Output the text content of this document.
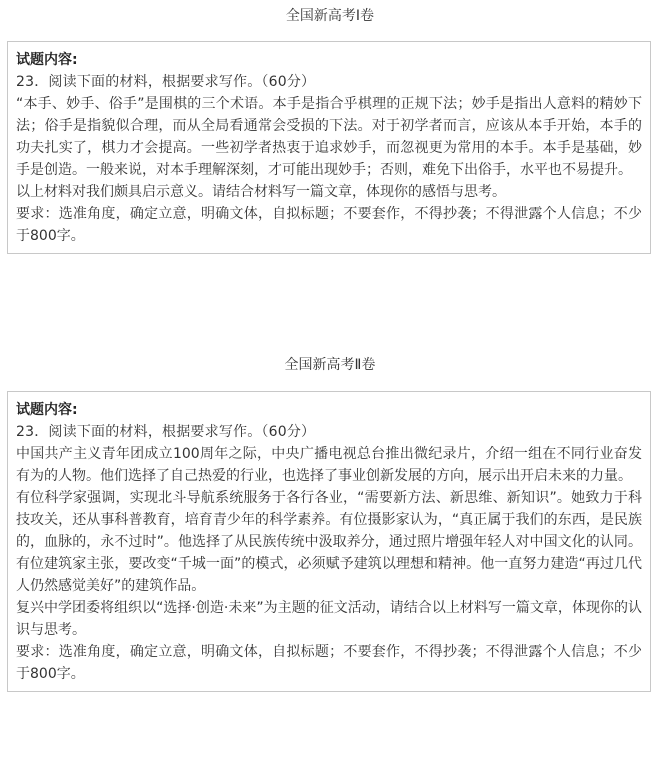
全国新高考Ⅰ卷
试题内容:

23．阅读下面的材料，根据要求写作。（60分）

“本手、妙手、俗手”是围棋的三个术语。本手是指合乎棋理的正规下法；妙手是指出人意料的精妙下法；俗手是指貌似合理，而从全局看通常会受损的下法。对于初学者而言，应该从本手开始，本手的功夫扎实了，棋力才会提高。一些初学者热衷于追求妙手，而忽视更为常用的本手。本手是基础，妙手是创造。一般来说，对本手理解深刻，才可能出现妙手；否则，难免下出俗手，水平也不易提升。

以上材料对我们颇具启示意义。请结合材料写一篇文章，体现你的感悟与思考。

要求：选准角度，确定立意，明确文体，自拟标题；不要套作，不得抄袭；不得泄露个人信息；不少于800字。

全国新高考Ⅱ卷
试题内容:

23．阅读下面的材料，根据要求写作。（60分）

中国共产主义青年团成立100周年之际，中央广播电视总台推出微纪录片，介绍一组在不同行业奋发有为的人物。他们选择了自己热爱的行业，也选择了事业创新发展的方向，展示出开启未来的力量。

有位科学家强调，实现北斗导航系统服务于各行各业，“需要新方法、新思维、新知识”。她致力于科技攻关，还从事科普教育，培育青少年的科学素养。有位摄影家认为，“真正属于我们的东西，是民族的，血脉的，永不过时”。他选择了从民族传统中汲取养分，通过照片增强年轻人对中国文化的认同。有位建筑家主张，要改变“千城一面”的模式，必须赋予建筑以理想和精神。他一直努力建造“再过几代人仍然感觉美好”的建筑作品。

复兴中学团委将组织以“选择·创造·未来”为主题的征文活动，请结合以上材料写一篇文章，体现你的认识与思考。

要求：选准角度，确定立意，明确文体，自拟标题；不要套作，不得抄袭；不得泄露个人信息；不少于800字。
